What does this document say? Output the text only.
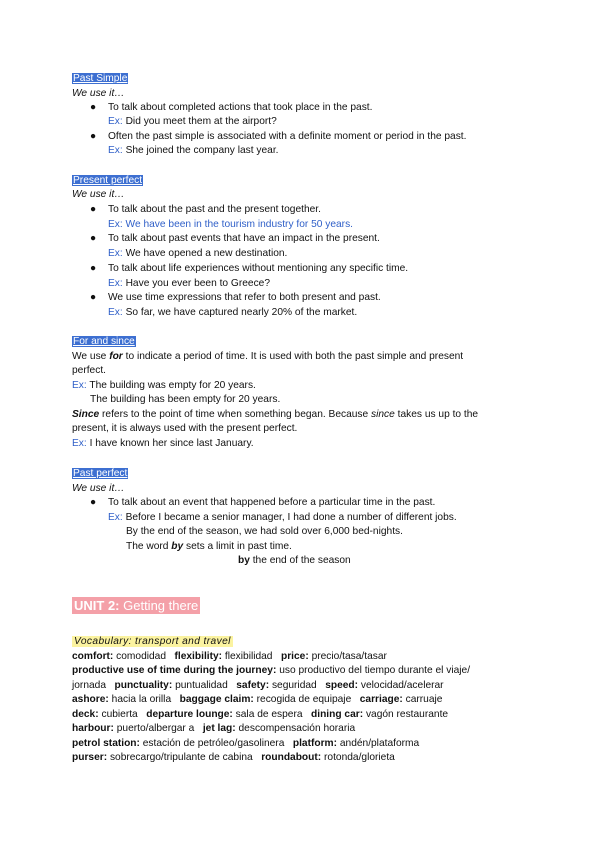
Past Simple
We use it…
● To talk about completed actions that took place in the past.
Ex: Did you meet them at the airport?
● Often the past simple is associated with a definite moment or period in the past.
Ex: She joined the company last year.
Present perfect
We use it…
● To talk about the past and the present together.
Ex: We have been in the tourism industry for 50 years.
● To talk about past events that have an impact in the present.
Ex: We have opened a new destination.
● To talk about life experiences without mentioning any specific time.
Ex: Have you ever been to Greece?
● We use time expressions that refer to both present and past.
Ex: So far, we have captured nearly 20% of the market.
For and since
We use for to indicate a period of time. It is used with both the past simple and present
perfect.
Ex: The building was empty for 20 years.
The building has been empty for 20 years.
Since refers to the point of time when something began. Because since takes us up to the
present, it is always used with the present perfect.
Ex: I have known her since last January.
Past perfect
We use it…
● To talk about an event that happened before a particular time in the past.
Ex: Before I became a senior manager, I had done a number of different jobs.
By the end of the season, we had sold over 6,000 bed-nights.
The word by sets a limit in past time.
by the end of the season
UNIT 2: Getting there
Vocabulary: transport and travel
comfort: comodidad flexibility: flexibilidad price: precio/tasa/tasar
productive use of time during the journey: uso productivo del tiempo durante el viaje/
jornada punctuality: puntualidad safety: seguridad speed: velocidad/acelerar
ashore: hacia la orilla baggage claim: recogida de equipaje carriage: carruaje
deck: cubierta departure lounge: sala de espera dining car: vagón restaurante
harbour: puerto/albergar a jet lag: descompensación horaria
petrol station: estación de petróleo/gasolinera platform: andén/plataforma
purser: sobrecargo/tripulante de cabina roundabout: rotonda/glorieta
